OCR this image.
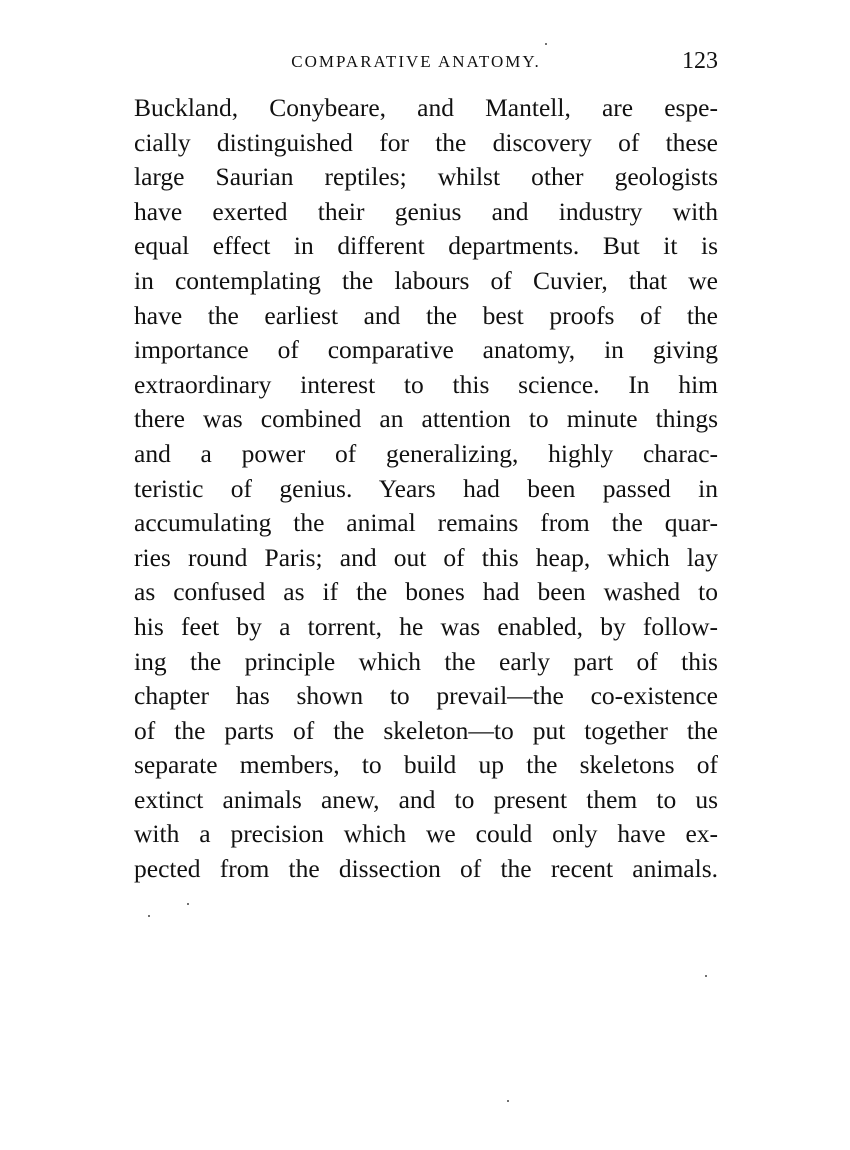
COMPARATIVE ANATOMY.	123
Buckland, Conybeare, and Mantell, are espe-
cially distinguished for the discovery of these
large Saurian reptiles; whilst other geologists
have exerted their genius and industry with
equal effect in different departments. But it is
in contemplating the labours of Cuvier, that we
have the earliest and the best proofs of the
importance of comparative anatomy, in giving
extraordinary interest to this science. In him
there was combined an attention to minute things
and a power of generalizing, highly charac-
teristic of genius. Years had been passed in
accumulating the animal remains from the quar-
ries round Paris; and out of this heap, which lay
as confused as if the bones had been washed to
his feet by a torrent, he was enabled, by follow-
ing the principle which the early part of this
chapter has shown to prevail—the co-existence
of the parts of the skeleton—to put together the
separate members, to build up the skeletons of
extinct animals anew, and to present them to us
with a precision which we could only have ex-
pected from the dissection of the recent animals.
